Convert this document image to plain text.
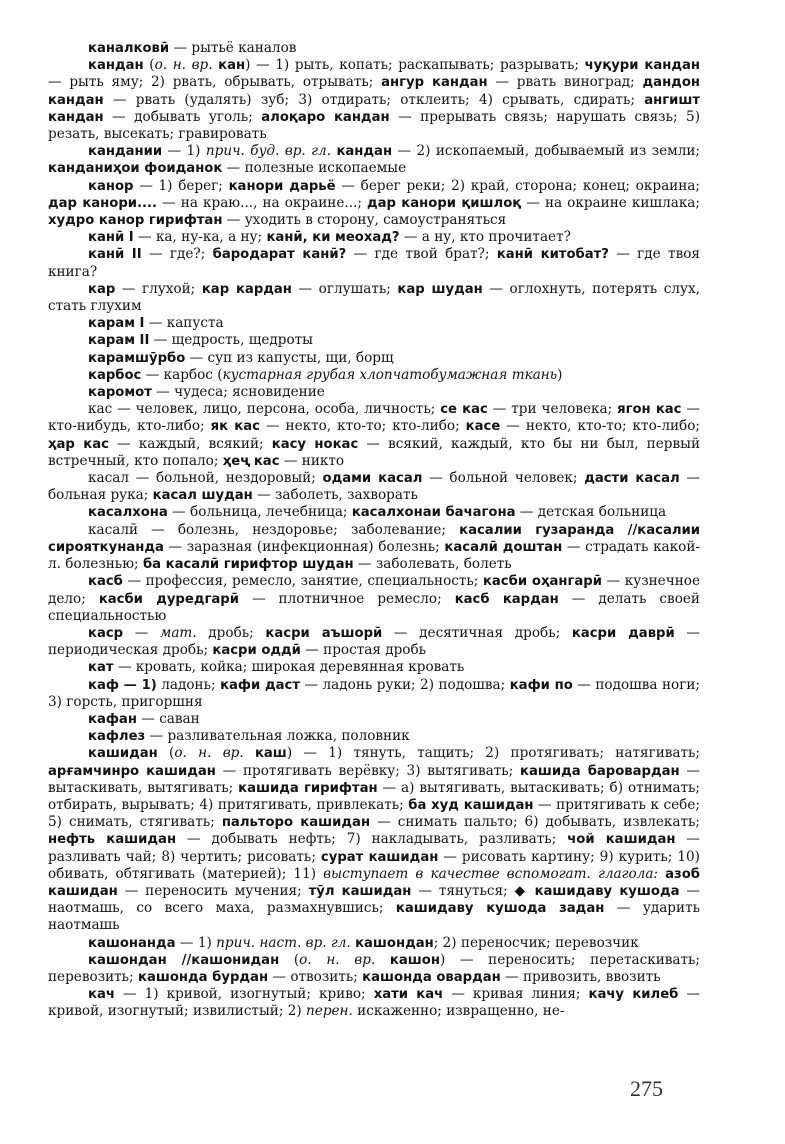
каналковӣ — рытьё каналов

кандан (о. н. вр. кан) — 1) рыть, копать; раскапывать; разрывать; чуқури кандан — рыть яму; 2) рвать, обрывать, отрывать; ангур кандан — рвать виноград; дандон кандан — рвать (удалять) зуб; 3) отдирать; отклеить; 4) срывать, сдирать; ангишт кандан — добывать уголь; алоқаро кандан — прерывать связь; нарушать связь; 5) резать, высекать; гравировать

кандании — 1) прич. буд. вр. гл. кандан — 2) ископаемый, добываемый из земли; канданиҳои фоиданок — полезные ископаемые

канор — 1) берег; канори дарьё — берег реки; 2) край, сторона; конец; окраина; дар канори.... — на краю..., на окраине...; дар канори қишлоқ — на окраине кишлака; худро канор гирифтан — уходить в сторону, самоустраняться

канӣ I — ка, ну-ка, а ну; канӣ, ки меохад? — а ну, кто прочитает?

канӣ II — где?; бародарат канӣ? — где твой брат?; канӣ китобат? — где твоя книга?

кар — глухой; кар кардан — оглушать; кар шудан — оглохнуть, потерять слух, стать глухим

карам I — капуста

карам II — щедрость, щедроты

карамшӯрбо — суп из капусты, щи, борщ

карбос — карбос (кустарная грубая хлопчатобумажная ткань)

каромот — чудеса; ясновидение

кас — человек, лицо, персона, особа, личность; се кас — три человека; ягон кас — кто-нибудь, кто-либо; як кас — некто, кто-то; кто-либо; касе — некто, кто-то; кто-либо; ҳар кас — каждый, всякий; касу нокас — всякий, каждый, кто бы ни был, первый встречный, кто попало; ҳеҷ кас — никто

касал — больной, нездоровый; одами касал — больной человек; дасти касал — больная рука; касал шудан — заболеть, захворать

касалхона — больница, лечебница; касалхонаи бачагона — детская больница

касалӣ — болезнь, нездоровье; заболевание; касалии гузаранда //касалии сирояткунанда — заразная (инфекционная) болезнь; касалӣ доштан — страдать какой-л. болезнью; ба касалӣ гирифтор шудан — заболевать, болеть

касб — профессия, ремесло, занятие, специальность; касби оҳангарӣ — кузнечное дело; касби дуредгарӣ — плотничное ремесло; касб кардан — делать своей специальностью

каср — мат. дробь; касри аъшорӣ — десятичная дробь; касри даврӣ — периодическая дробь; касри оддӣ — простая дробь

кат — кровать, койка; широкая деревянная кровать

каф — 1) ладонь; кафи даст — ладонь руки; 2) подошва; кафи по — подошва ноги; 3) горсть, пригоршня

кафан — саван

кафлез — разливательная ложка, половник

кашидан (о. н. вр. каш) — 1) тянуть, тащить; 2) протягивать; натягивать; арғамчинро кашидан — протягивать верёвку; 3) вытягивать; кашида баровардан — вытаскивать, вытягивать; кашида гирифтан — а) вытягивать, вытаскивать; б) отнимать; отбирать, вырывать; 4) притягивать, привлекать; ба худ кашидан — притягивать к себе; 5) снимать, стягивать; пальторо кашидан — снимать пальто; 6) добывать, извлекать; нефть кашидан — добывать нефть; 7) накладывать, разливать; чой кашидан — разливать чай; 8) чертить; рисовать; сурат кашидан — рисовать картину; 9) курить; 10) обивать, обтягивать (материей); 11) выступает в качестве вспомогат. глагола: азоб кашидан — переносить мучения; тӯл кашидан — тянуться; ◆ кашидаву кушода — наотмашь, со всего маха, размахнувшись; кашидаву кушода задан — ударить наотмашь

кашонанда — 1) прич. наст. вр. гл. кашондан; 2) переносчик; перевозчик

кашондан //кашонидан (о. н. вр. кашон) — переносить; перетаскивать; перевозить; кашонда бурдан — отвозить; кашонда овардан — привозить, ввозить

кач — 1) кривой, изогнутый; криво; хати кач — кривая линия; качу килеб — кривой, изогнутый; извилистый; 2) перен. искаженно; извращенно, не-

275
